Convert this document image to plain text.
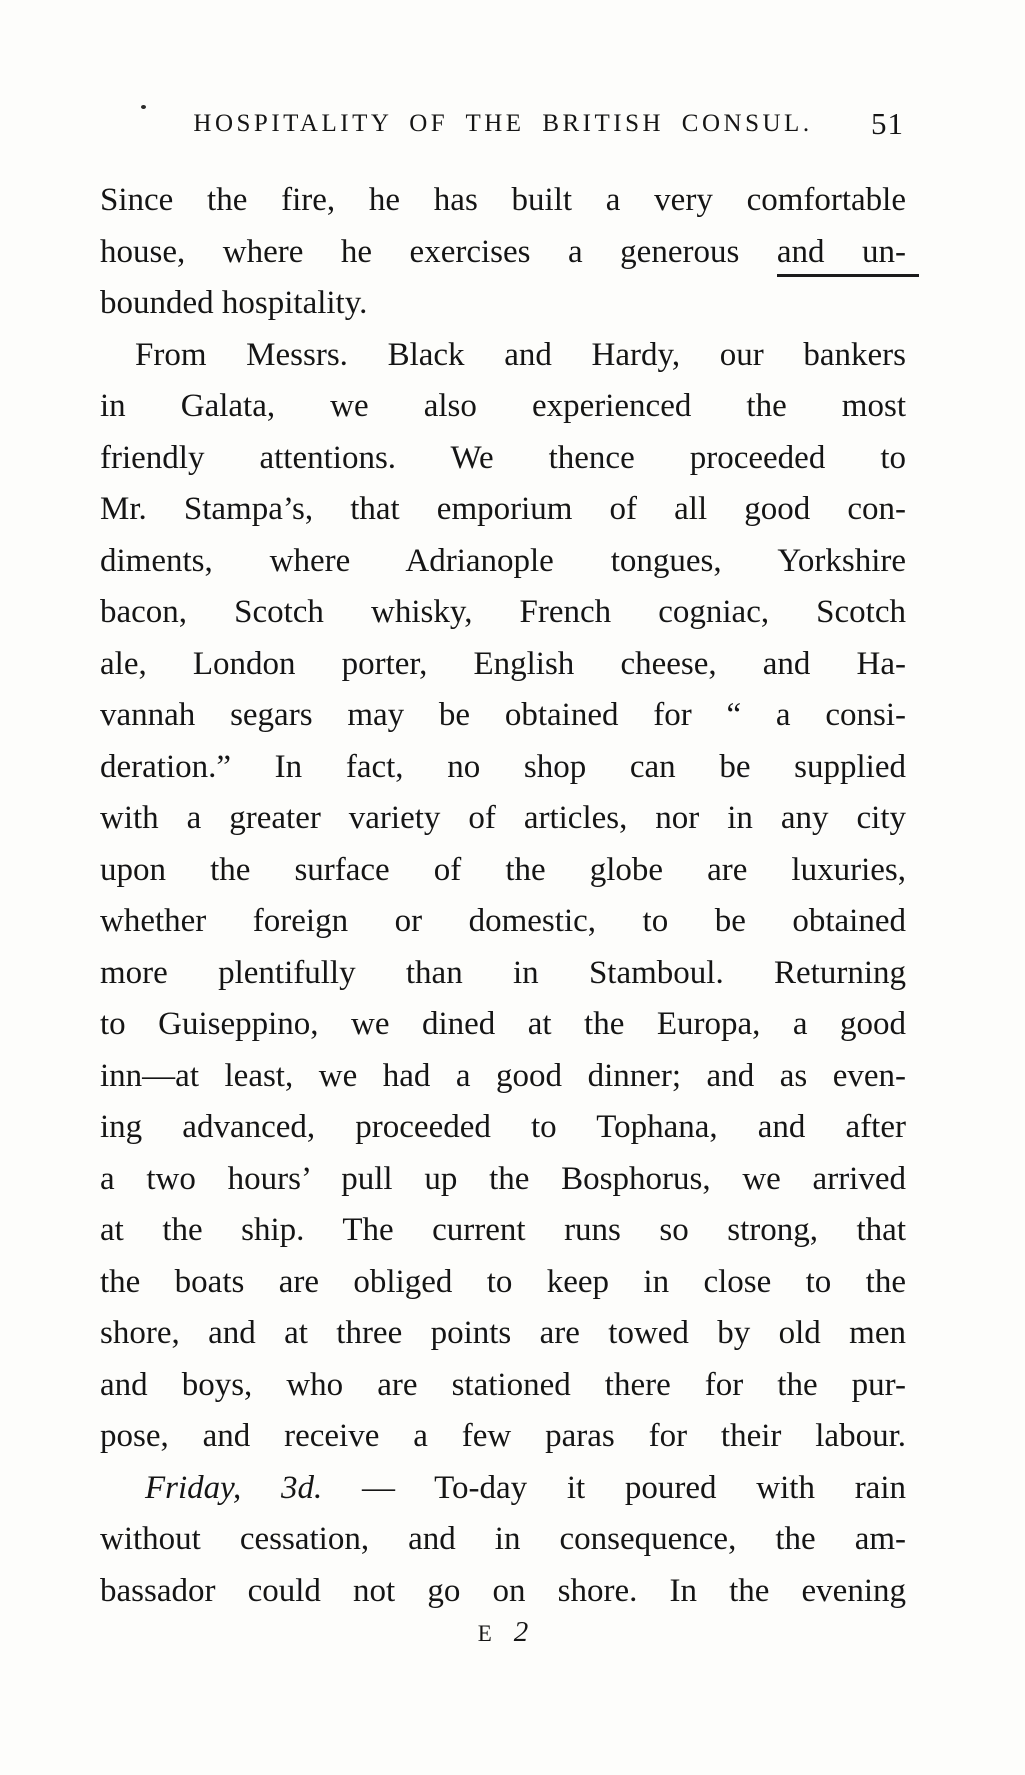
HOSPITALITY OF THE BRITISH CONSUL.	51
Since the fire, he has built a very comfortable
house, where he exercises a generous and un-
bounded hospitality.
From Messrs. Black and Hardy, our bankers
in Galata, we also experienced the most
friendly attentions. We thence proceeded to
Mr. Stampa’s, that emporium of all good con-
diments, where Adrianople tongues, Yorkshire
bacon, Scotch whisky, French cogniac, Scotch
ale, London porter, English cheese, and Ha-
vannah segars may be obtained for “ a consi-
deration.” In fact, no shop can be supplied
with a greater variety of articles, nor in any city
upon the surface of the globe are luxuries,
whether foreign or domestic, to be obtained
more plentifully than in Stamboul. Returning
to Guiseppino, we dined at the Europa, a good
inn—at least, we had a good dinner; and as even-
ing advanced, proceeded to Tophana, and after
a two hours’ pull up the Bosphorus, we arrived
at the ship. The current runs so strong, that
the boats are obliged to keep in close to the
shore, and at three points are towed by old men
and boys, who are stationed there for the pur-
pose, and receive a few paras for their labour.
Friday, 3d. — To-day it poured with rain
without cessation, and in consequence, the am-
bassador could not go on shore. In the evening
E 2
